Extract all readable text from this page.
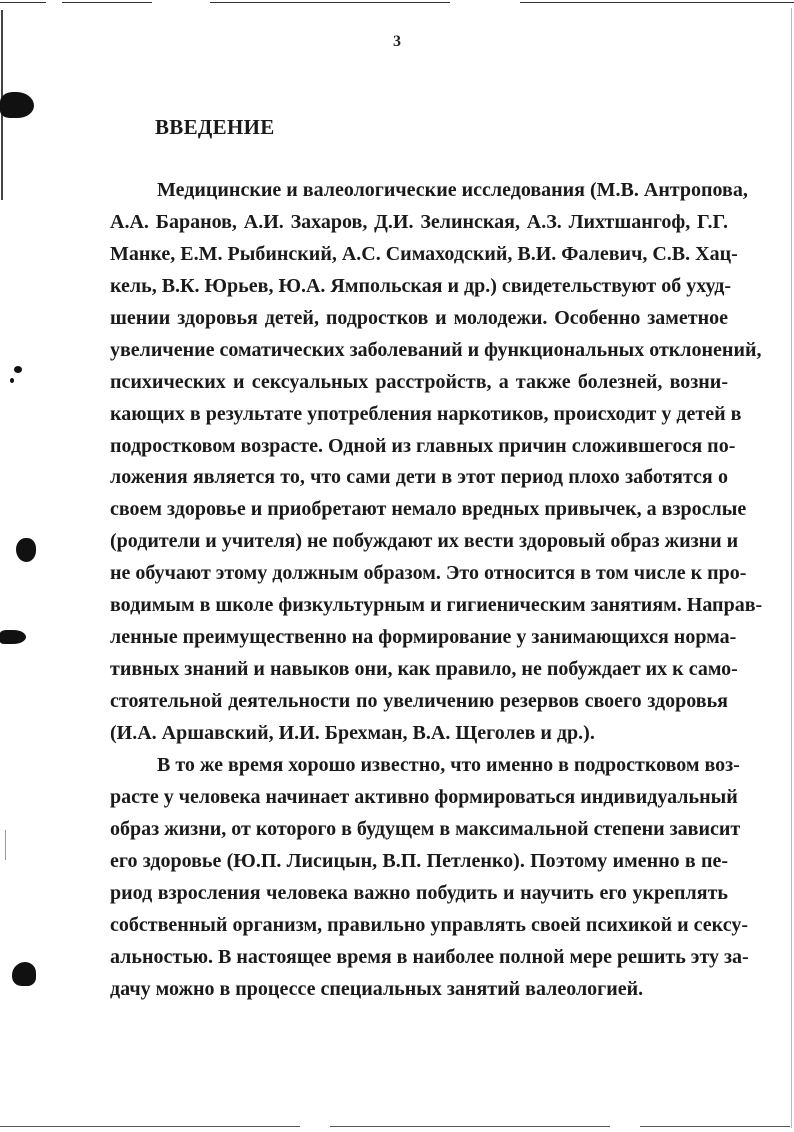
3
ВВЕДЕНИЕ
Медицинские и валеологические исследования (М.В. Антропова,
А.А. Баранов, А.И. Захаров, Д.И. Зелинская, А.З. Лихтшангоф, Г.Г.
Манке, Е.М. Рыбинский, А.С. Симаходский, В.И. Фалевич, С.В. Хац-
кель, В.К. Юрьев, Ю.А. Ямпольская и др.) свидетельствуют об ухуд-
шении здоровья детей, подростков и молодежи. Особенно заметное
увеличение соматических заболеваний и функциональных отклонений,
психических и сексуальных расстройств, а также болезней, возни-
кающих в результате употребления наркотиков, происходит у детей в
подростковом возрасте. Одной из главных причин сложившегося по-
ложения является то, что сами дети в этот период плохо заботятся о
своем здоровье и приобретают немало вредных привычек, а взрослые
(родители и учителя) не побуждают их вести здоровый образ жизни и
не обучают этому должным образом. Это относится в том числе к про-
водимым в школе физкультурным и гигиеническим занятиям. Направ-
ленные преимущественно на формирование у занимающихся норма-
тивных знаний и навыков они, как правило, не побуждает их к само-
стоятельной деятельности по увеличению резервов своего здоровья
(И.А. Аршавский, И.И. Брехман, В.А. Щеголев и др.).
В то же время хорошо известно, что именно в подростковом воз-
расте у человека начинает активно формироваться индивидуальный
образ жизни, от которого в будущем в максимальной степени зависит
его здоровье (Ю.П. Лисицын, В.П. Петленко). Поэтому именно в пе-
риод взросления человека важно побудить и научить его укреплять
собственный организм, правильно управлять своей психикой и сексу-
альностью. В настоящее время в наиболее полной мере решить эту за-
дачу можно в процессе специальных занятий валеологией.
